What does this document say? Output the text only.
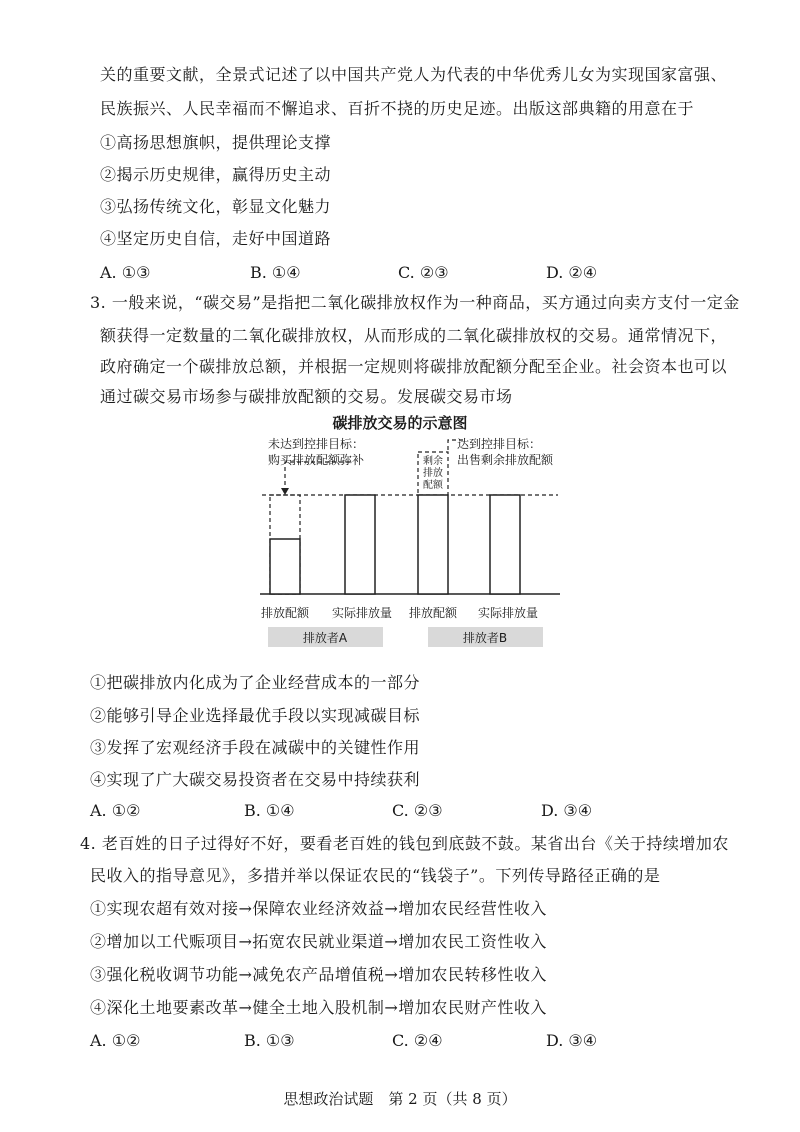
关的重要文献，全景式记述了以中国共产党人为代表的中华优秀儿女为实现国家富强、
民族振兴、人民幸福而不懈追求、百折不挠的历史足迹。出版这部典籍的用意在于
①高扬思想旗帜，提供理论支撑
②揭示历史规律，赢得历史主动
③弘扬传统文化，彰显文化魅力
④坚定历史自信，走好中国道路
A. ①③	B. ①④	C. ②③	D. ②④
3. 一般来说，“碳交易”是指把二氧化碳排放权作为一种商品，买方通过向卖方支付一定金
额获得一定数量的二氧化碳排放权，从而形成的二氧化碳排放权的交易。通常情况下，
政府确定一个碳排放总额，并根据一定规则将碳排放配额分配至企业。社会资本也可以
通过碳交易市场参与碳排放配额的交易。发展碳交易市场
碳排放交易的示意图
未达到控排目标：
购买排放配额弥补
达到控排目标：
出售剩余排放配额
剩余
排放
配额
排放配额 实际排放量 排放配额 实际排放量
排放者A	排放者B
①把碳排放内化成为了企业经营成本的一部分
②能够引导企业选择最优手段以实现减碳目标
③发挥了宏观经济手段在减碳中的关键性作用
④实现了广大碳交易投资者在交易中持续获利
A. ①②	B. ①④	C. ②③	D. ③④
4. 老百姓的日子过得好不好，要看老百姓的钱包到底鼓不鼓。某省出台《关于持续增加农
民收入的指导意见》，多措并举以保证农民的“钱袋子”。下列传导路径正确的是
①实现农超有效对接→保障农业经济效益→增加农民经营性收入
②增加以工代赈项目→拓宽农民就业渠道→增加农民工资性收入
③强化税收调节功能→减免农产品增值税→增加农民转移性收入
④深化土地要素改革→健全土地入股机制→增加农民财产性收入
A. ①②	B. ①③	C. ②④	D. ③④
思想政治试题　第 2 页（共 8 页）
